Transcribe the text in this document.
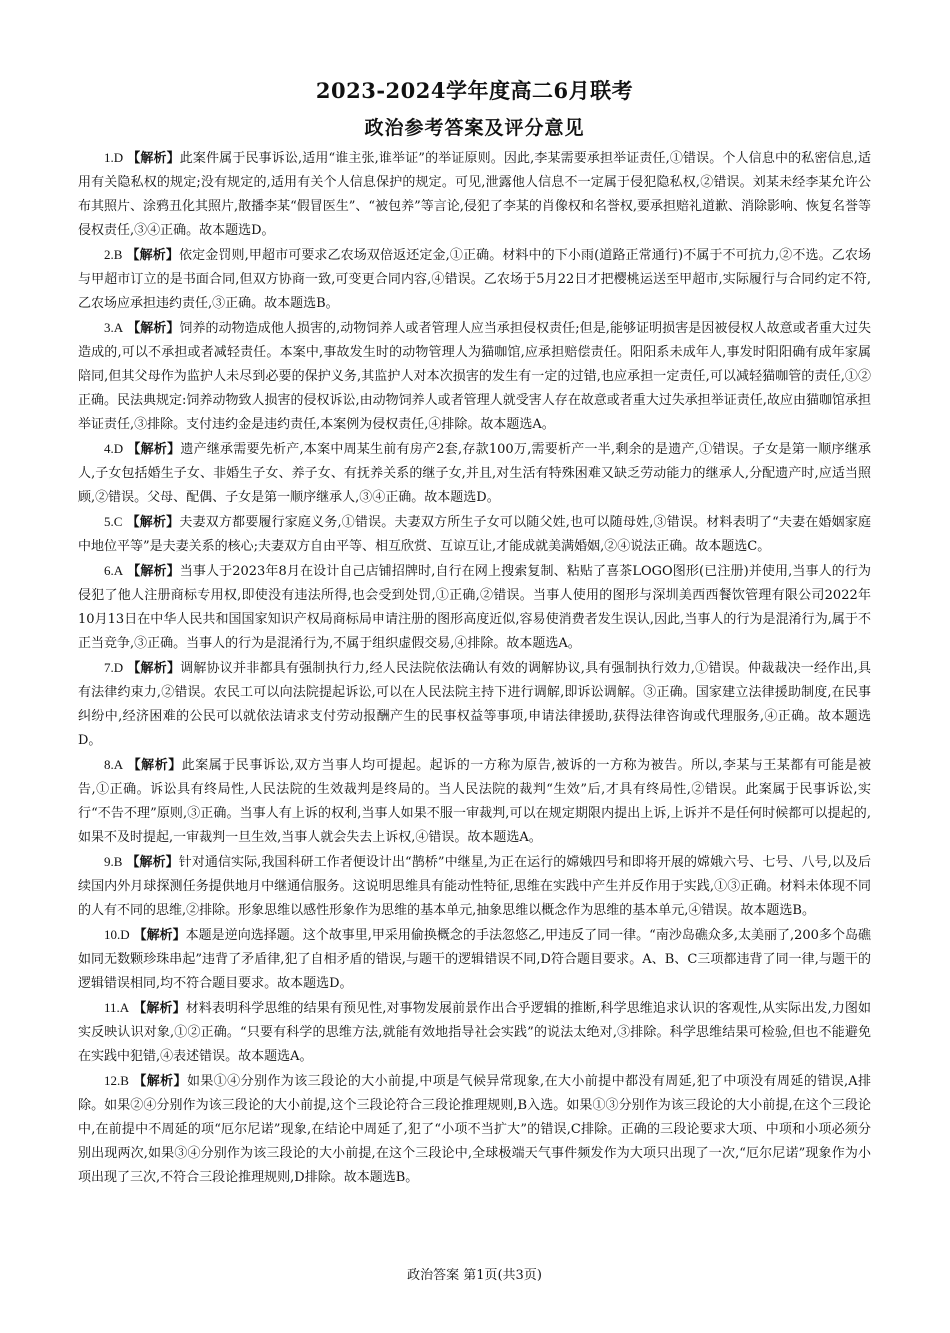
2023-2024学年度高二6月联考
政治参考答案及评分意见

1.D 【解析】此案件属于民事诉讼,适用“谁主张,谁举证”的举证原则。因此,李某需要承担举证责任,①错误。个人信息中的私密信息,适用有关隐私权的规定;没有规定的,适用有关个人信息保护的规定。可见,泄露他人信息不一定属于侵犯隐私权,②错误。刘某未经李某允许公布其照片、涂鸦丑化其照片,散播李某“假冒医生”、“被包养”等言论,侵犯了李某的肖像权和名誉权,要承担赔礼道歉、消除影响、恢复名誉等侵权责任,③④正确。故本题选D。

2.B 【解析】依定金罚则,甲超市可要求乙农场双倍返还定金,①正确。材料中的下小雨(道路正常通行)不属于不可抗力,②不选。乙农场与甲超市订立的是书面合同,但双方协商一致,可变更合同内容,④错误。乙农场于5月22日才把樱桃运送至甲超市,实际履行与合同约定不符,乙农场应承担违约责任,③正确。故本题选B。

3.A 【解析】饲养的动物造成他人损害的,动物饲养人或者管理人应当承担侵权责任;但是,能够证明损害是因被侵权人故意或者重大过失造成的,可以不承担或者减轻责任。本案中,事故发生时的动物管理人为猫咖馆,应承担赔偿责任。阳阳系未成年人,事发时阳阳确有成年家属陪同,但其父母作为监护人未尽到必要的保护义务,其监护人对本次损害的发生有一定的过错,也应承担一定责任,可以减轻猫咖管的责任,①②正确。民法典规定:饲养动物致人损害的侵权诉讼,由动物饲养人或者管理人就受害人存在故意或者重大过失承担举证责任,故应由猫咖馆承担举证责任,③排除。支付违约金是违约责任,本案例为侵权责任,④排除。故本题选A。

4.D 【解析】遗产继承需要先析产,本案中周某生前有房产2套,存款100万,需要析产一半,剩余的是遗产,①错误。子女是第一顺序继承人,子女包括婚生子女、非婚生子女、养子女、有抚养关系的继子女,并且,对生活有特殊困难又缺乏劳动能力的继承人,分配遗产时,应适当照顾,②错误。父母、配偶、子女是第一顺序继承人,③④正确。故本题选D。

5.C 【解析】夫妻双方都要履行家庭义务,①错误。夫妻双方所生子女可以随父姓,也可以随母姓,③错误。材料表明了“夫妻在婚姻家庭中地位平等”是夫妻关系的核心;夫妻双方自由平等、相互欣赏、互谅互让,才能成就美满婚姻,②④说法正确。故本题选C。

6.A 【解析】当事人于2023年8月在设计自己店铺招牌时,自行在网上搜索复制、粘贴了喜茶LOGO图形(已注册)并使用,当事人的行为侵犯了他人注册商标专用权,即使没有违法所得,也会受到处罚,①正确,②错误。当事人使用的图形与深圳美西西餐饮管理有限公司2022年10月13日在中华人民共和国国家知识产权局商标局申请注册的图形高度近似,容易使消费者发生误认,因此,当事人的行为是混淆行为,属于不正当竞争,③正确。当事人的行为是混淆行为,不属于组织虚假交易,④排除。故本题选A。

7.D 【解析】调解协议并非都具有强制执行力,经人民法院依法确认有效的调解协议,具有强制执行效力,①错误。仲裁裁决一经作出,具有法律约束力,②错误。农民工可以向法院提起诉讼,可以在人民法院主持下进行调解,即诉讼调解。③正确。国家建立法律援助制度,在民事纠纷中,经济困难的公民可以就依法请求支付劳动报酬产生的民事权益等事项,申请法律援助,获得法律咨询或代理服务,④正确。故本题选D。

8.A 【解析】此案属于民事诉讼,双方当事人均可提起。起诉的一方称为原告,被诉的一方称为被告。所以,李某与王某都有可能是被告,①正确。诉讼具有终局性,人民法院的生效裁判是终局的。当人民法院的裁判“生效”后,才具有终局性,②错误。此案属于民事诉讼,实行“不告不理”原则,③正确。当事人有上诉的权利,当事人如果不服一审裁判,可以在规定期限内提出上诉,上诉并不是任何时候都可以提起的,如果不及时提起,一审裁判一旦生效,当事人就会失去上诉权,④错误。故本题选A。

9.B 【解析】针对通信实际,我国科研工作者便设计出“鹊桥”中继星,为正在运行的嫦娥四号和即将开展的嫦娥六号、七号、八号,以及后续国内外月球探测任务提供地月中继通信服务。这说明思维具有能动性特征,思维在实践中产生并反作用于实践,①③正确。材料未体现不同的人有不同的思维,②排除。形象思维以感性形象作为思维的基本单元,抽象思维以概念作为思维的基本单元,④错误。故本题选B。

10.D 【解析】本题是逆向选择题。这个故事里,甲采用偷换概念的手法忽悠乙,甲违反了同一律。“南沙岛礁众多,太美丽了,200多个岛礁如同无数颗珍珠串起”违背了矛盾律,犯了自相矛盾的错误,与题干的逻辑错误不同,D符合题目要求。A、B、C三项都违背了同一律,与题干的逻辑错误相同,均不符合题目要求。故本题选D。

11.A 【解析】材料表明科学思维的结果有预见性,对事物发展前景作出合乎逻辑的推断,科学思维追求认识的客观性,从实际出发,力图如实反映认识对象,①②正确。“只要有科学的思维方法,就能有效地指导社会实践”的说法太绝对,③排除。科学思维结果可检验,但也不能避免在实践中犯错,④表述错误。故本题选A。

12.B 【解析】如果①④分别作为该三段论的大小前提,中项是气候异常现象,在大小前提中都没有周延,犯了中项没有周延的错误,A排除。如果②④分别作为该三段论的大小前提,这个三段论符合三段论推理规则,B入选。如果①③分别作为该三段论的大小前提,在这个三段论中,在前提中不周延的项“厄尔尼诺”现象,在结论中周延了,犯了“小项不当扩大”的错误,C排除。正确的三段论要求大项、中项和小项必须分别出现两次,如果③④分别作为该三段论的大小前提,在这个三段论中,全球极端天气事件频发作为大项只出现了一次,“厄尔尼诺”现象作为小项出现了三次,不符合三段论推理规则,D排除。故本题选B。

政治答案 第1页(共3页)
